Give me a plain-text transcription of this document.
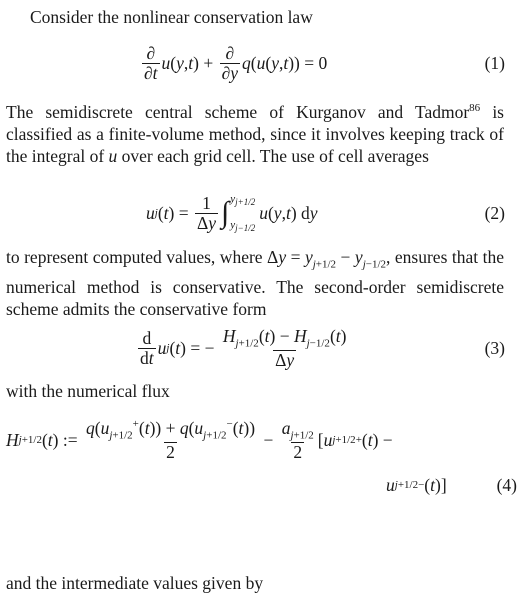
Consider the nonlinear conservation law
$\frac{\partial}{\partial t}$ u ( y , t ) + $\frac{\partial}{\partial y}$ q ( u ( y , t )) = 0	(1)
The semidiscrete central scheme of Kurganov and Tadmor$^{86}$ is classified as a finite-volume method, since it involves keeping track of the integral of u over each grid cell. The use of cell averages
u j ( t ) = $\frac{1}{\Delta y}$ ∫ $y_{j+1/2}$
$y_{j-1/2}$
u ( y , t ) d y	(2)
to represent computed values, where $\Delta y = y_{j+1/2} - y_{j-1/2}$, ensures that the numerical method is conservative. The second-order semidiscrete scheme admits the conservative form
$\frac{d}{dt}$ u j ( t ) = − $\frac{H_{j+1/2}(t) - H_{j-1/2}(t)}{\Delta y}$	(3)
with the numerical flux
H j+1/2 ( t ) := $\frac{q(u_{j+1/2}^+(t)) + q(u_{j+1/2}^-(t))}{2} - \frac{a_{j+1/2}}{2}$ [ u j+1/2 + ( t ) −
u j+1/2 − ( t )]	(4)
and the intermediate values given by
